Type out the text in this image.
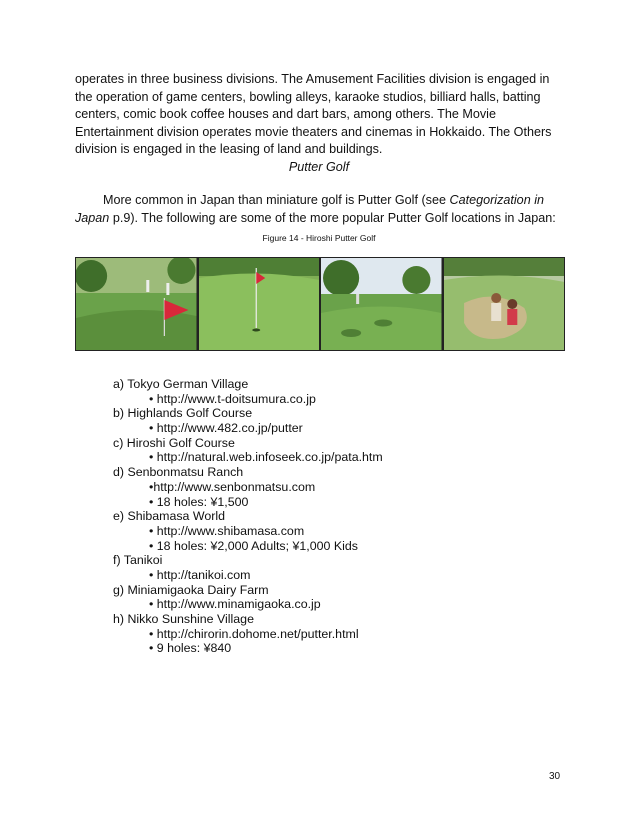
operates in three business divisions. The Amusement Facilities division is engaged in
the operation of game centers, bowling alleys, karaoke studios, billiard halls, batting
centers, comic book coffee houses and dart bars, among others. The Movie
Entertainment division operates movie theaters and cinemas in Hokkaido. The Others
division is engaged in the leasing of land and buildings.
Putter Golf
More common in Japan than miniature golf is Putter Golf (see Categorization in
Japan p.9). The following are some of the more popular Putter Golf locations in Japan:
Figure 14 - Hiroshi Putter Golf
a) Tokyo German Village
• http://www.t-doitsumura.co.jp
b) Highlands Golf Course
• http://www.482.co.jp/putter
c) Hiroshi Golf Course
• http://natural.web.infoseek.co.jp/pata.htm
d) Senbonmatsu Ranch
•http://www.senbonmatsu.com
• 18 holes: ¥1,500
e) Shibamasa World
• http://www.shibamasa.com
• 18 holes: ¥2,000 Adults; ¥1,000 Kids
f) Tanikoi
• http://tanikoi.com
g) Miniamigaoka Dairy Farm
• http://www.minamigaoka.co.jp
h) Nikko Sunshine Village
• http://chirorin.dohome.net/putter.html
• 9 holes: ¥840
30
